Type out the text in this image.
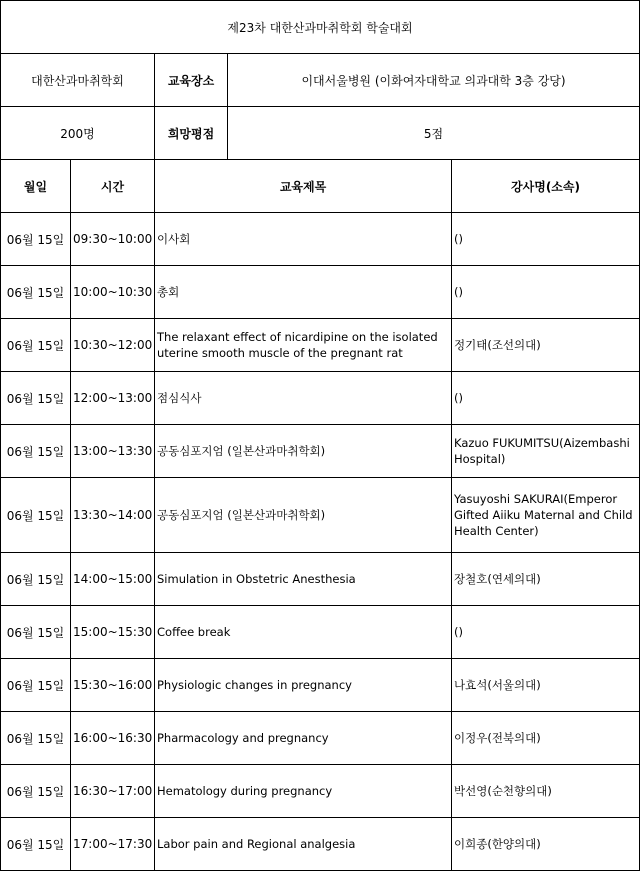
제23차 대한산과마취학회 학술대회				
대한산과마취학회		교육장소	이대서울병원 (이화여자대학교 의과대학 3층 강당)	
200명		희망평점	5점	
월일	시간	교육제목		강사명(소속)
06월 15일	09:30~10:00	이사회		()
06월 15일	10:00~10:30	총회		()
06월 15일	10:30~12:00	The relaxant effect of nicardipine on the isolated uterine smooth muscle of the pregnant rat		정기태(조선의대)
06월 15일	12:00~13:00	점심식사		()
06월 15일	13:00~13:30	공동심포지엄 (일본산과마취학회)		Kazuo FUKUMITSU(Aizembashi Hospital)
06월 15일	13:30~14:00	공동심포지엄 (일본산과마취학회)		Yasuyoshi SAKURAI(Emperor Gifted Aiiku Maternal and Child Health Center)
06월 15일	14:00~15:00	Simulation in Obstetric Anesthesia		장철호(연세의대)
06월 15일	15:00~15:30	Coffee break		()
06월 15일	15:30~16:00	Physiologic changes in pregnancy		나효석(서울의대)
06월 15일	16:00~16:30	Pharmacology and pregnancy		이정우(전북의대)
06월 15일	16:30~17:00	Hematology during pregnancy		박선영(순천향의대)
06월 15일	17:00~17:30	Labor pain and Regional analgesia		이희종(한양의대)
